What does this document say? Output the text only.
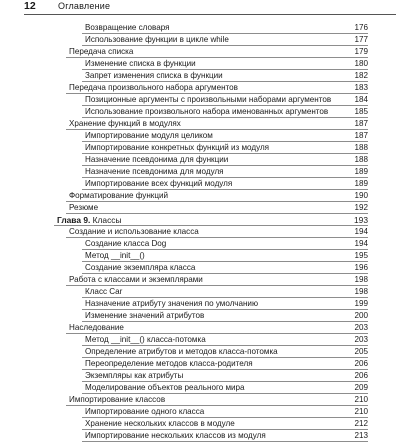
12 Оглавление
Возвращение словаря	176
Использование функции в цикле while	177
Передача списка	179
Изменение списка в функции	180
Запрет изменения списка в функции	182
Передача произвольного набора аргументов	183
Позиционные аргументы с произвольными наборами аргументов	184
Использование произвольного набора именованных аргументов	185
Хранение функций в модулях	187
Импортирование модуля целиком	187
Импортирование конкретных функций из модуля	188
Назначение псевдонима для функции	188
Назначение псевдонима для модуля	189
Импортирование всех функций модуля	189
Форматирование функций	190
Резюме	192
Глава 9. Классы	193
Создание и использование класса	194
Создание класса Dog	194
Метод __init__()	195
Создание экземпляра класса	196
Работа с классами и экземплярами	198
Класс Car	198
Назначение атрибуту значения по умолчанию	199
Изменение значений атрибутов	200
Наследование	203
Метод __init__() класса-потомка	203
Определение атрибутов и методов класса-потомка	205
Переопределение методов класса-родителя	206
Экземпляры как атрибуты	206
Моделирование объектов реального мира	209
Импортирование классов	210
Импортирование одного класса	210
Хранение нескольких классов в модуле	212
Импортирование нескольких классов из модуля	213
